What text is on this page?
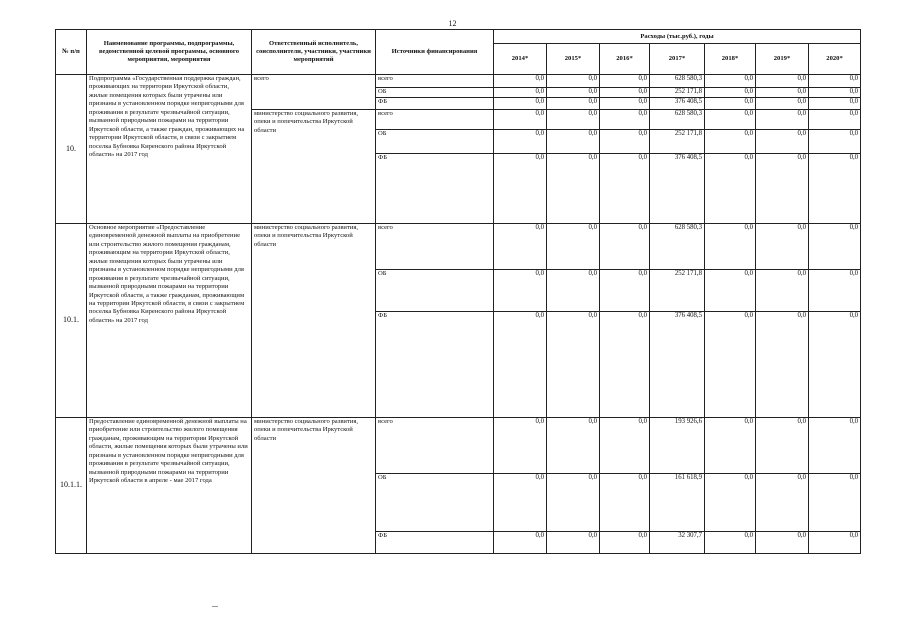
12
№ п/п	Наименование программы, подпрограммы, ведомственной целевой программы, основного мероприятия, мероприятия	Ответственный исполнитель, соисполнители, участники, участники мероприятий	Источники финансирования	Расходы (тыс.руб.), годы						
				2014*	2015*	2016*	2017*	2018*	2019*	2020*
10.	Подпрограмма «Государственная поддержка граждан, проживающих на территории Иркутской области, жилые помещения которых были утрачены или признаны в установленном порядке непригодными для проживания в результате чрезвычайной ситуации, вызванной природными пожарами на территории Иркутской области, а также граждан, проживающих на территории Иркутской области, в связи с закрытием поселка Бубновка Киренского района Иркутской области» на 2017 год	всего	всего	0,0	0,0	0,0	628 580,3	0,0	0,0	0,0
			ОБ	0,0	0,0	0,0	252 171,8	0,0	0,0	0,0
			ФБ	0,0	0,0	0,0	376 408,5	0,0	0,0	0,0
		министерство социального развития, опеки и попечительства Иркутской области	всего	0,0	0,0	0,0	628 580,3	0,0	0,0	0,0
			ОБ	0,0	0,0	0,0	252 171,8	0,0	0,0	0,0
			ФБ	0,0	0,0	0,0	376 408,5	0,0	0,0	0,0
10.1.	Основное мероприятие «Предоставление единовременной денежной выплаты на приобретение или строительство жилого помещения гражданам, проживающим на территории Иркутской области, жилые помещения которых были утрачены или признаны в установленном порядке непригодными для проживания в результате чрезвычайной ситуации, вызванной природными пожарами на территории Иркутской области, а также гражданам, проживающим на территории Иркутской области, в связи с закрытием поселка Бубновка Киренского района Иркутской области» на 2017 год	министерство социального развития, опеки и попечительства Иркутской области	всего	0,0	0,0	0,0	628 580,3	0,0	0,0	0,0
			ОБ	0,0	0,0	0,0	252 171,8	0,0	0,0	0,0
			ФБ	0,0	0,0	0,0	376 408,5	0,0	0,0	0,0
10.1.1.	Предоставление единовременной денежной выплаты на приобретение или строительство жилого помещения гражданам, проживающим на территории Иркутской области, жилые помещения которых были утрачены или признаны в установленном порядке непригодными для проживания в результате чрезвычайной ситуации, вызванной природными пожарами на территории Иркутской области в апреле - мае 2017 года	министерство социального развития, опеки и попечительства Иркутской области	всего	0,0	0,0	0,0	193 926,6	0,0	0,0	0,0
			ОБ	0,0	0,0	0,0	161 618,9	0,0	0,0	0,0
			ФБ	0,0	0,0	0,0	32 307,7	0,0	0,0	0,0
